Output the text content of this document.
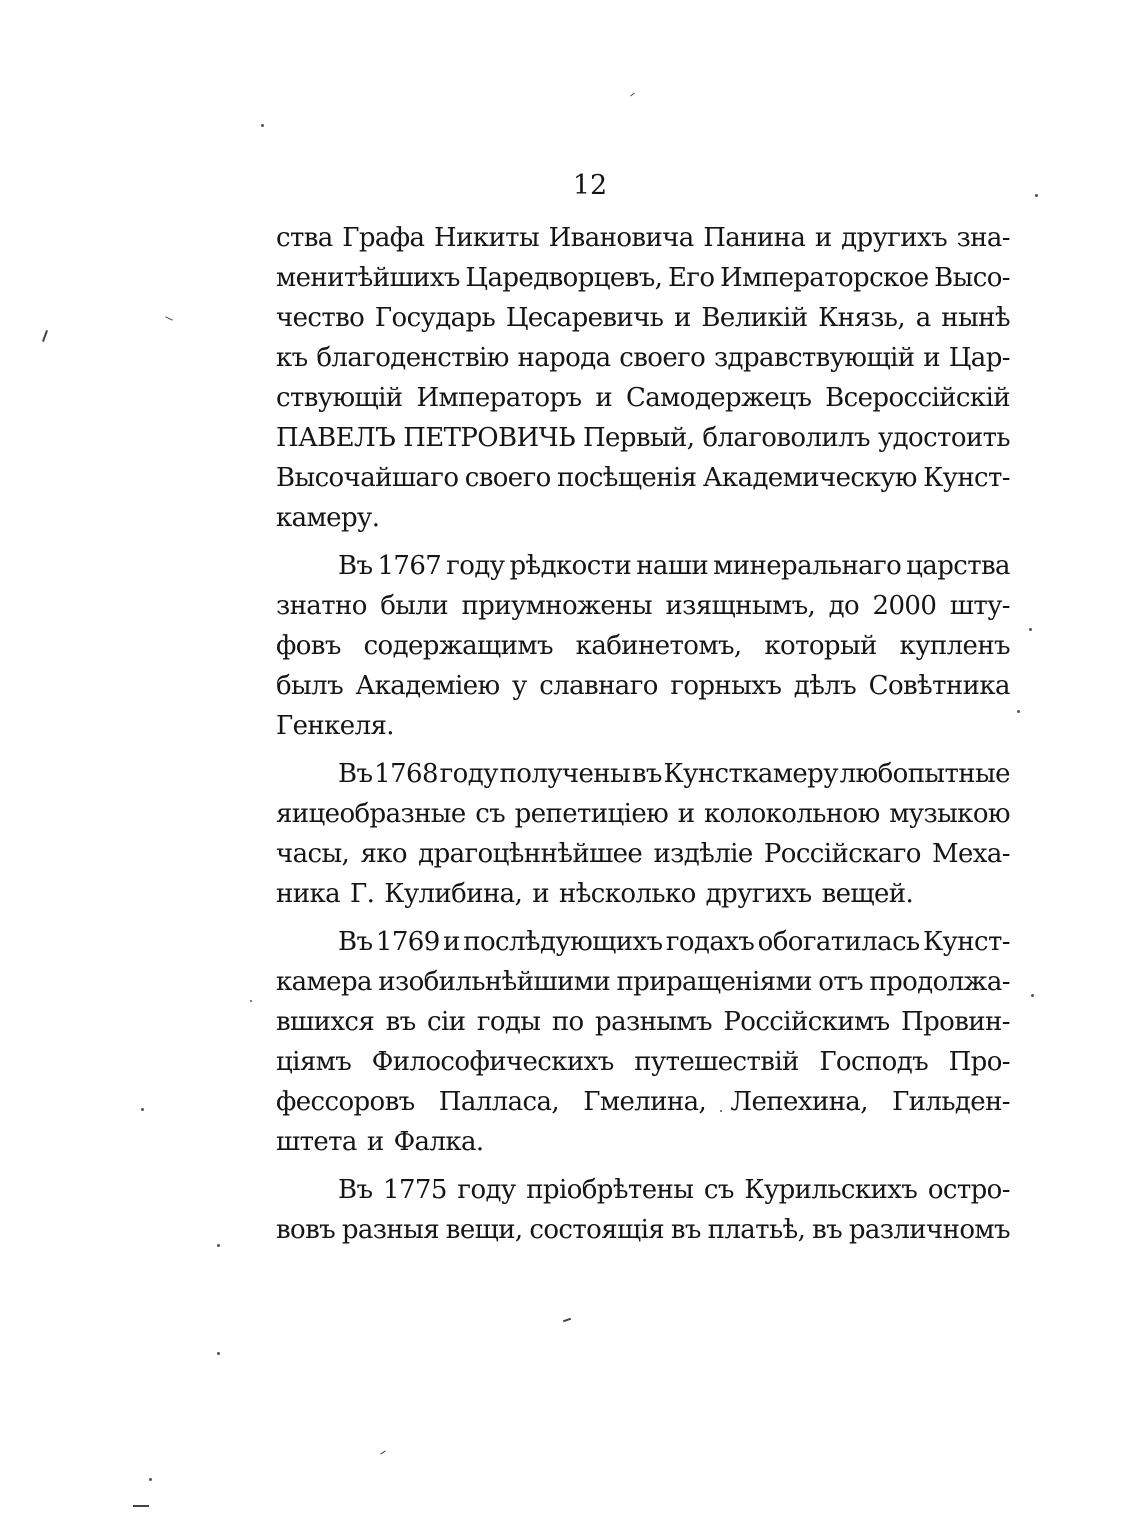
12
ства Графа Никиты Ивановича Панина и другихъ зна-
менитѣйшихъ Царедворцевъ, Его Императорское Высо-
чество Государь Цесаревичь и Великій Князь, а нынѣ
къ благоденствію народа своего здравствующій и Цар-
ствующій Императоръ и Самодержецъ Всероссійскій
ПАВЕЛЪ ПЕТРОВИЧЬ Первый, благоволилъ удостоить
Высочайшаго своего посѣщенія Академическую Кунст-
камеру.
Въ 1767 году рѣдкости наши минеральнаго царства
знатно были приумножены изящнымъ, до 2000 шту-
фовъ содержащимъ кабинетомъ, который купленъ
былъ Академіею у славнаго горныхъ дѣлъ Совѣтника
Генкеля.
Въ 1768 году получены въ Кунсткамеру любопытные
яицеобразные съ репетиціею и колокольною музыкою
часы, яко драгоцѣннѣйшее издѣліе Россійскаго Меха-
ника Г. Кулибина, и нѣсколько другихъ вещей.
Въ 1769 и послѣдующихъ годахъ обогатилась Кунст-
камера изобильнѣйшими приращеніями отъ продолжа-
вшихся въ сіи годы по разнымъ Россійскимъ Провин-
ціямъ Философическихъ путешествій Господъ Про-
фессоровъ Палласа, Гмелина, Лепехина, Гильден-
штета и Фалка.
Въ 1775 году пріобрѣтены съ Курильскихъ остро-
вовъ разныя вещи, состоящія въ платьѣ, въ различномъ
